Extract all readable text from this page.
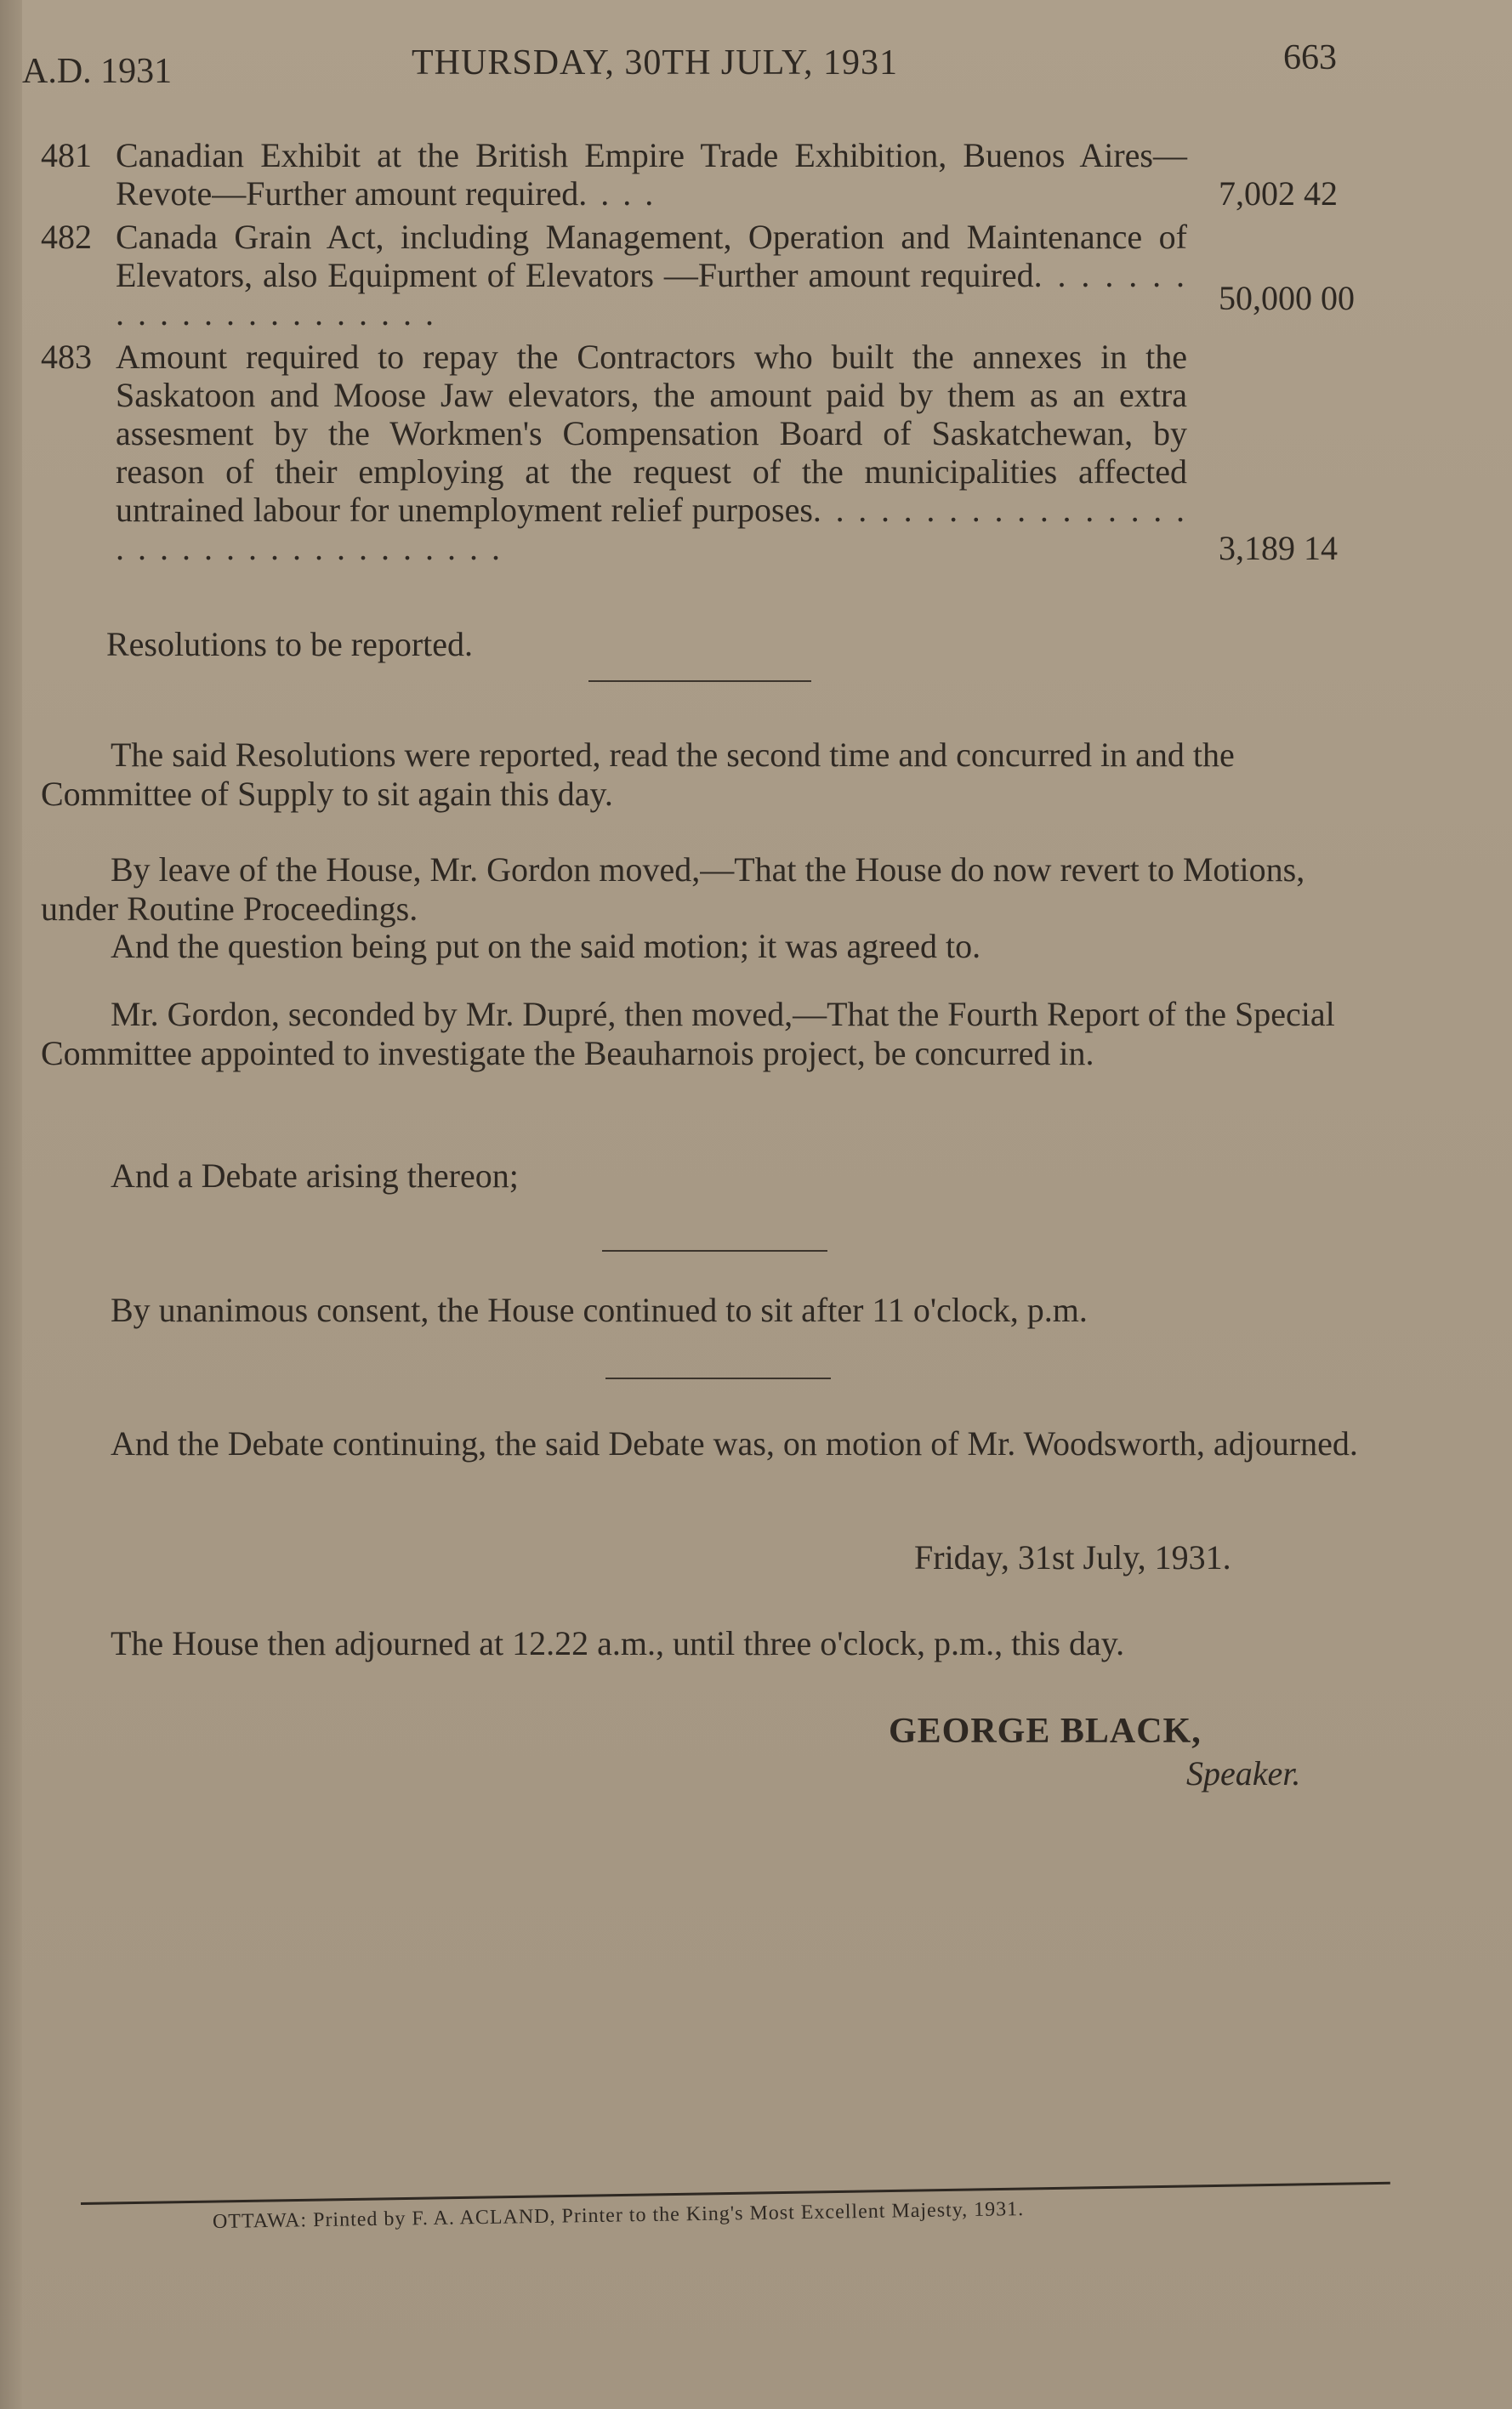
A.D. 1931	THURSDAY, 30TH JULY, 1931	663
481 Canadian Exhibit at the British Empire Trade Exhibition, Buenos Aires—Revote—Further amount required. . . .	7,002 42
482 Canada Grain Act, including Management, Operation and Maintenance of Elevators, also Equipment of Elevators —Further amount required. . . . . . . . . . . . . . . . . . . . . .	50,000 00
483 Amount required to repay the Contractors who built the annexes in the Saskatoon and Moose Jaw elevators, the amount paid by them as an extra assesment by the Workmen's Compensation Board of Saskatchewan, by reason of their employing at the request of the municipalities affected untrained labour for unemployment relief purposes. . . . . . . . . . . . . . . . . . . . . . . . . . . . . . . . . . .	3,189 14
Resolutions to be reported.
The said Resolutions were reported, read the second time and concurred in and the Committee of Supply to sit again this day.
By leave of the House, Mr. Gordon moved,—That the House do now revert to Motions, under Routine Proceedings.
And the question being put on the said motion; it was agreed to.
Mr. Gordon, seconded by Mr. Dupré, then moved,—That the Fourth Report of the Special Committee appointed to investigate the Beauharnois project, be concurred in.
And a Debate arising thereon;
By unanimous consent, the House continued to sit after 11 o'clock, p.m.
And the Debate continuing, the said Debate was, on motion of Mr. Woodsworth, adjourned.
Friday, 31st July, 1931.
The House then adjourned at 12.22 a.m., until three o'clock, p.m., this day.
GEORGE BLACK,
Speaker.
OTTAWA: Printed by F. A. ACLAND, Printer to the King's Most Excellent Majesty, 1931.
